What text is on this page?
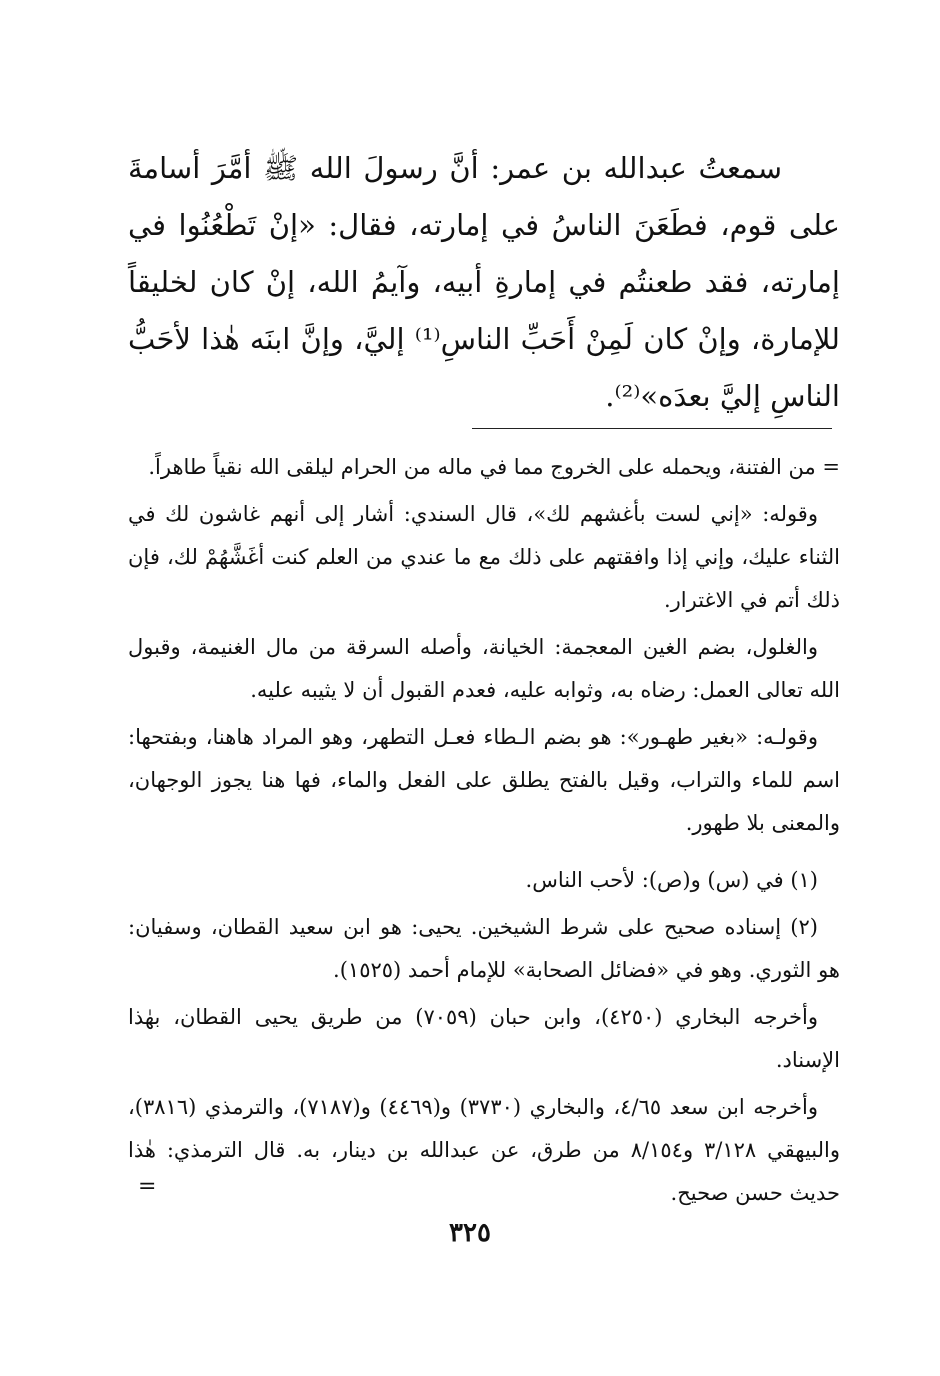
سمعتُ عبدالله بن عمر: أنَّ رسولَ الله ﷺ أمَّرَ أسامةَ على قوم، فطَعَنَ الناسُ في إمارته، فقال: «إنْ تَطْعُنُوا في إمارته، فقد طعنتُم في إمارةِ أبيه، وآيمُ الله، إنْ كان لخليقاً للإمارة، وإنْ كان لَمِنْ أَحَبِّ الناسِ⁽¹⁾ إليَّ، وإنَّ ابنَه هٰذا لأحَبُّ الناسِ إليَّ بعدَه»⁽²⁾.

= من الفتنة، ويحمله على الخروج مما في ماله من الحرام ليلقى الله نقياً طاهراً.

وقوله: «إني لست بأغشهم لك»، قال السندي: أشار إلى أنهم غاشون لك في الثناء عليك، وإني إذا وافقتهم على ذلك مع ما عندي من العلم كنت أغَشَّهُمْ لك، فإن ذلك أتم في الاغترار.

والغلول، بضم الغين المعجمة: الخيانة، وأصله السرقة من مال الغنيمة، وقبول الله تعالى العمل: رضاه به، وثوابه عليه، فعدم القبول أن لا يثيبه عليه.

وقولـه: «بغير طهـور»: هو بضم الـطاء فعـل التطهر، وهو المراد هاهنا، وبفتحها: اسم للماء والتراب، وقيل بالفتح يطلق على الفعل والماء، فها هنا يجوز الوجهان، والمعنى بلا طهور.

(١) في (س) و(ص): لأحب الناس.

(٢) إسناده صحيح على شرط الشيخين. يحيى: هو ابن سعيد القطان، وسفيان: هو الثوري. وهو في «فضائل الصحابة» للإمام أحمد (١٥٢٥).

وأخرجه البخاري (٤٢٥٠)، وابن حبان (٧٠٥٩) من طريق يحيى القطان، بهٰذا الإسناد.

وأخرجه ابن سعد ٤/٦٥، والبخاري (٣٧٣٠) و(٤٤٦٩) و(٧١٨٧)، والترمذي (٣٨١٦)، والبيهقي ٣/١٢٨ و٨/١٥٤ من طرق، عن عبدالله بن دينار، به. قال الترمذي: هٰذا حديث حسن صحيح.

=
٣٢٥
